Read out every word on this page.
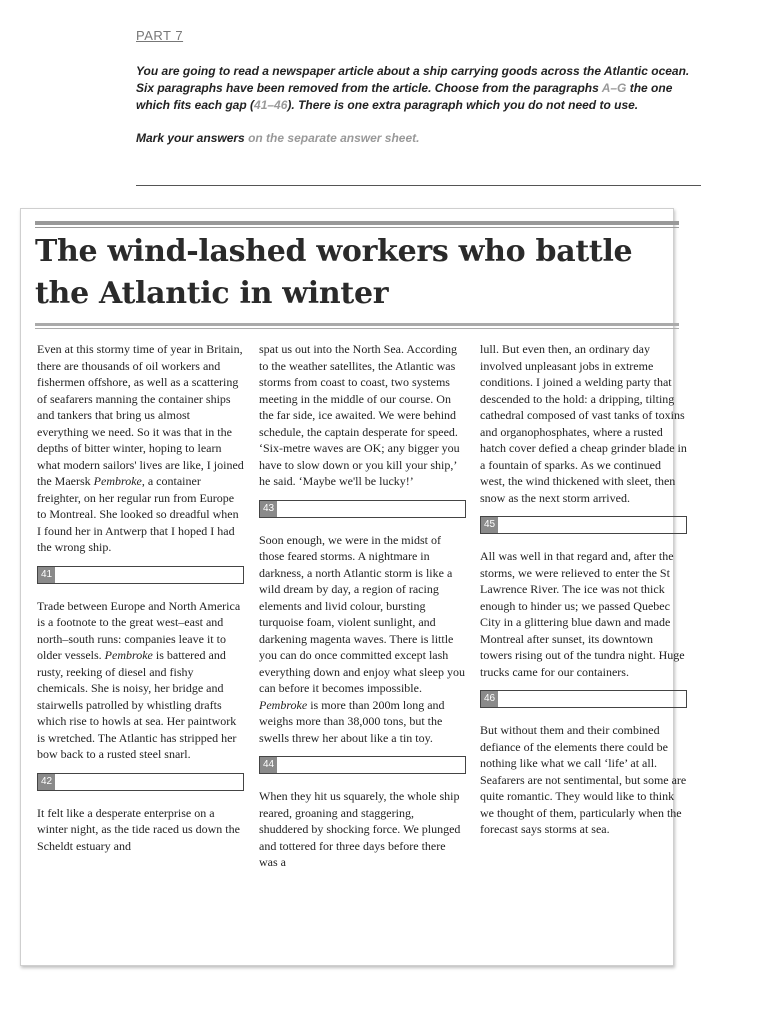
PART 7
You are going to read a newspaper article about a ship carrying goods across the Atlantic ocean. Six paragraphs have been removed from the article. Choose from the paragraphs A–G the one which fits each gap (41–46). There is one extra paragraph which you do not need to use.
Mark your answers on the separate answer sheet.
The wind-lashed workers who battle the Atlantic in winter

Even at this stormy time of year in Britain, there are thousands of oil workers and fishermen offshore, as well as a scattering of seafarers manning the container ships and tankers that bring us almost everything we need. So it was that in the depths of bitter winter, hoping to learn what modern sailors' lives are like, I joined the Maersk Pembroke, a container freighter, on her regular run from Europe to Montreal. She looked so dreadful when I found her in Antwerp that I hoped I had the wrong ship.

41

Trade between Europe and North America is a footnote to the great west–east and north–south runs: companies leave it to older vessels. Pembroke is battered and rusty, reeking of diesel and fishy chemicals. She is noisy, her bridge and stairwells patrolled by whistling drafts which rise to howls at sea. Her paintwork is wretched. The Atlantic has stripped her bow back to a rusted steel snarl.

42

It felt like a desperate enterprise on a winter night, as the tide raced us down the Scheldt estuary and

spat us out into the North Sea. According to the weather satellites, the Atlantic was storms from coast to coast, two systems meeting in the middle of our course. On the far side, ice awaited. We were behind schedule, the captain desperate for speed. ‘Six-metre waves are OK; any bigger you have to slow down or you kill your ship,’ he said. ‘Maybe we'll be lucky!’

43

Soon enough, we were in the midst of those feared storms. A nightmare in darkness, a north Atlantic storm is like a wild dream by day, a region of racing elements and livid colour, bursting turquoise foam, violent sunlight, and darkening magenta waves. There is little you can do once committed except lash everything down and enjoy what sleep you can before it becomes impossible. Pembroke is more than 200m long and weighs more than 38,000 tons, but the swells threw her about like a tin toy.

44

When they hit us squarely, the whole ship reared, groaning and staggering, shuddered by shocking force. We plunged and tottered for three days before there was a

lull. But even then, an ordinary day involved unpleasant jobs in extreme conditions. I joined a welding party that descended to the hold: a dripping, tilting cathedral composed of vast tanks of toxins and organophosphates, where a rusted hatch cover defied a cheap grinder blade in a fountain of sparks. As we continued west, the wind thickened with sleet, then snow as the next storm arrived.

45

All was well in that regard and, after the storms, we were relieved to enter the St Lawrence River. The ice was not thick enough to hinder us; we passed Quebec City in a glittering blue dawn and made Montreal after sunset, its downtown towers rising out of the tundra night. Huge trucks came for our containers.

46

But without them and their combined defiance of the elements there could be nothing like what we call ‘life’ at all. Seafarers are not sentimental, but some are quite romantic. They would like to think we thought of them, particularly when the forecast says storms at sea.
